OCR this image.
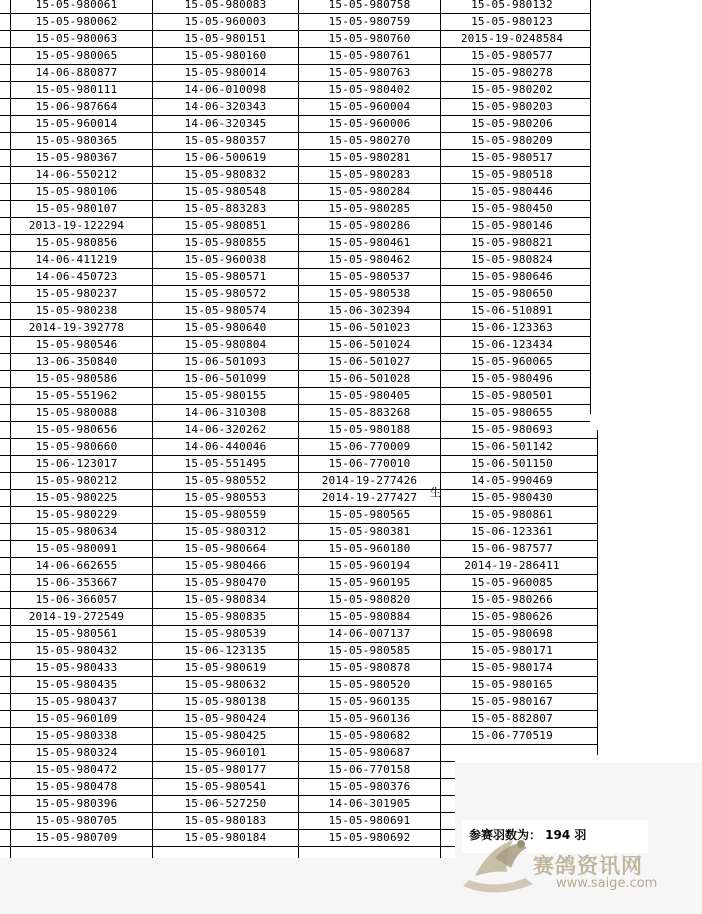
15-05-980061	15-05-980083	15-05-980758	15-05-980132
15-05-980062	15-05-960003	15-05-980759	15-05-980123
15-05-980063	15-05-980151	15-05-980760	2015-19-0248584
15-05-980065	15-05-980160	15-05-980761	15-05-980577
14-06-880877	15-05-980014	15-05-980763	15-05-980278
15-05-980111	14-06-010098	15-05-980402	15-05-980202
15-06-987664	14-06-320343	15-05-960004	15-05-980203
15-05-960014	14-06-320345	15-05-960006	15-05-980206
15-05-980365	15-05-980357	15-05-980270	15-05-980209
15-05-980367	15-06-500619	15-05-980281	15-05-980517
14-06-550212	15-05-980832	15-05-980283	15-05-980518
15-05-980106	15-05-980548	15-05-980284	15-05-980446
15-05-980107	15-05-883283	15-05-980285	15-05-980450
2013-19-122294	15-05-980851	15-05-980286	15-05-980146
15-05-980856	15-05-980855	15-05-980461	15-05-980821
14-06-411219	15-05-960038	15-05-980462	15-05-980824
14-06-450723	15-05-980571	15-05-980537	15-05-980646
15-05-980237	15-05-980572	15-05-980538	15-05-980650
15-05-980238	15-05-980574	15-06-302394	15-06-510891
2014-19-392778	15-05-980640	15-06-501023	15-06-123363
15-05-980546	15-05-980804	15-06-501024	15-06-123434
13-06-350840	15-06-501093	15-06-501027	15-05-960065
15-05-980586	15-06-501099	15-06-501028	15-05-980496
15-05-551962	15-05-980155	15-05-980405	15-05-980501
15-05-980088	14-06-310308	15-05-883268	15-05-980655
15-05-980656	14-06-320262	15-05-980188	15-05-980693
15-05-980660	14-06-440046	15-06-770009	15-06-501142
15-06-123017	15-05-551495	15-06-770010	15-06-501150
15-05-980212	15-05-980552	2014-19-277426	14-05-990469
15-05-980225	15-05-980553	2014-19-277427	15-05-980430
15-05-980229	15-05-980559	15-05-980565	15-05-980861
15-05-980634	15-05-980312	15-05-980381	15-06-123361
15-05-980091	15-05-980664	15-05-960180	15-06-987577
14-06-662655	15-05-980466	15-05-960194	2014-19-286411
15-06-353667	15-05-980470	15-05-960195	15-05-960085
15-06-366057	15-05-980834	15-05-980820	15-05-980266
2014-19-272549	15-05-980835	15-05-980884	15-05-980626
15-05-980561	15-05-980539	14-06-007137	15-05-980698
15-05-980432	15-06-123135	15-05-980585	15-05-980171
15-05-980433	15-05-980619	15-05-980878	15-05-980174
15-05-980435	15-05-980632	15-05-980520	15-05-980165
15-05-980437	15-05-980138	15-05-960135	15-05-980167
15-05-960109	15-05-980424	15-05-960136	15-05-882807
15-05-980338	15-05-980425	15-05-980682	15-06-770519
15-05-980324	15-05-960101	15-05-980687
15-05-980472	15-05-980177	15-06-770158
15-05-980478	15-05-980541	15-05-980376
15-05-980396	15-06-527250	14-06-301905
15-05-980705	15-05-980183	15-05-980691
15-05-980709	15-05-980184	15-05-980692
生
参赛羽数为： 194 羽
赛鸽资讯网
www.saige.com
